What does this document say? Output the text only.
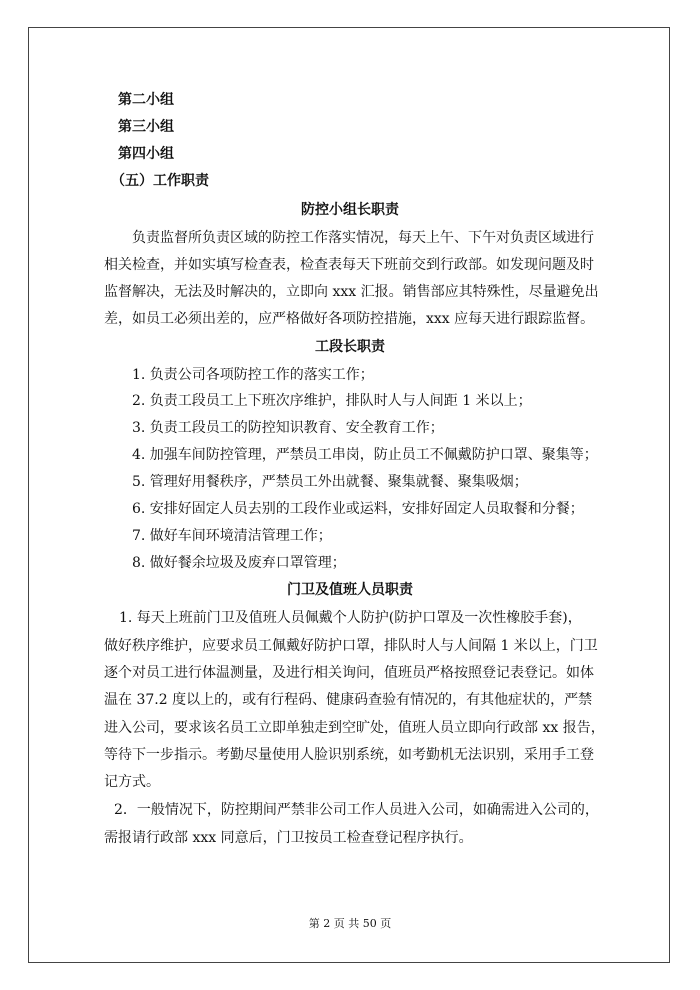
第二小组
第三小组
第四小组
（五）工作职责
防控小组长职责
负责监督所负责区域的防控工作落实情况，每天上午、下午对负责区域进行
相关检查，并如实填写检查表，检查表每天下班前交到行政部。如发现问题及时
监督解决，无法及时解决的，立即向 xxx 汇报。销售部应其特殊性，尽量避免出
差，如员工必须出差的，应严格做好各项防控措施，xxx 应每天进行跟踪监督。
工段长职责
1. 负责公司各项防控工作的落实工作；
2. 负责工段员工上下班次序维护，排队时人与人间距 1 米以上；
3. 负责工段员工的防控知识教育、安全教育工作；
4. 加强车间防控管理，严禁员工串岗，防止员工不佩戴防护口罩、聚集等；
5. 管理好用餐秩序，严禁员工外出就餐、聚集就餐、聚集吸烟；
6. 安排好固定人员去别的工段作业或运料，安排好固定人员取餐和分餐；
7. 做好车间环境清洁管理工作；
8. 做好餐余垃圾及废弃口罩管理；
门卫及值班人员职责
1. 每天上班前门卫及值班人员佩戴个人防护(防护口罩及一次性橡胶手套)，
做好秩序维护，应要求员工佩戴好防护口罩，排队时人与人间隔 1 米以上，门卫
逐个对员工进行体温测量，及进行相关询问，值班员严格按照登记表登记。如体
温在 37.2 度以上的，或有行程码、健康码查验有情况的，有其他症状的，严禁
进入公司，要求该名员工立即单独走到空旷处，值班人员立即向行政部 xx 报告，
等待下一步指示。考勤尽量使用人脸识别系统，如考勤机无法识别，采用手工登
记方式。
2．一般情况下，防控期间严禁非公司工作人员进入公司，如确需进入公司的，
需报请行政部 xxx 同意后，门卫按员工检查登记程序执行。
第 2 页 共 50 页
